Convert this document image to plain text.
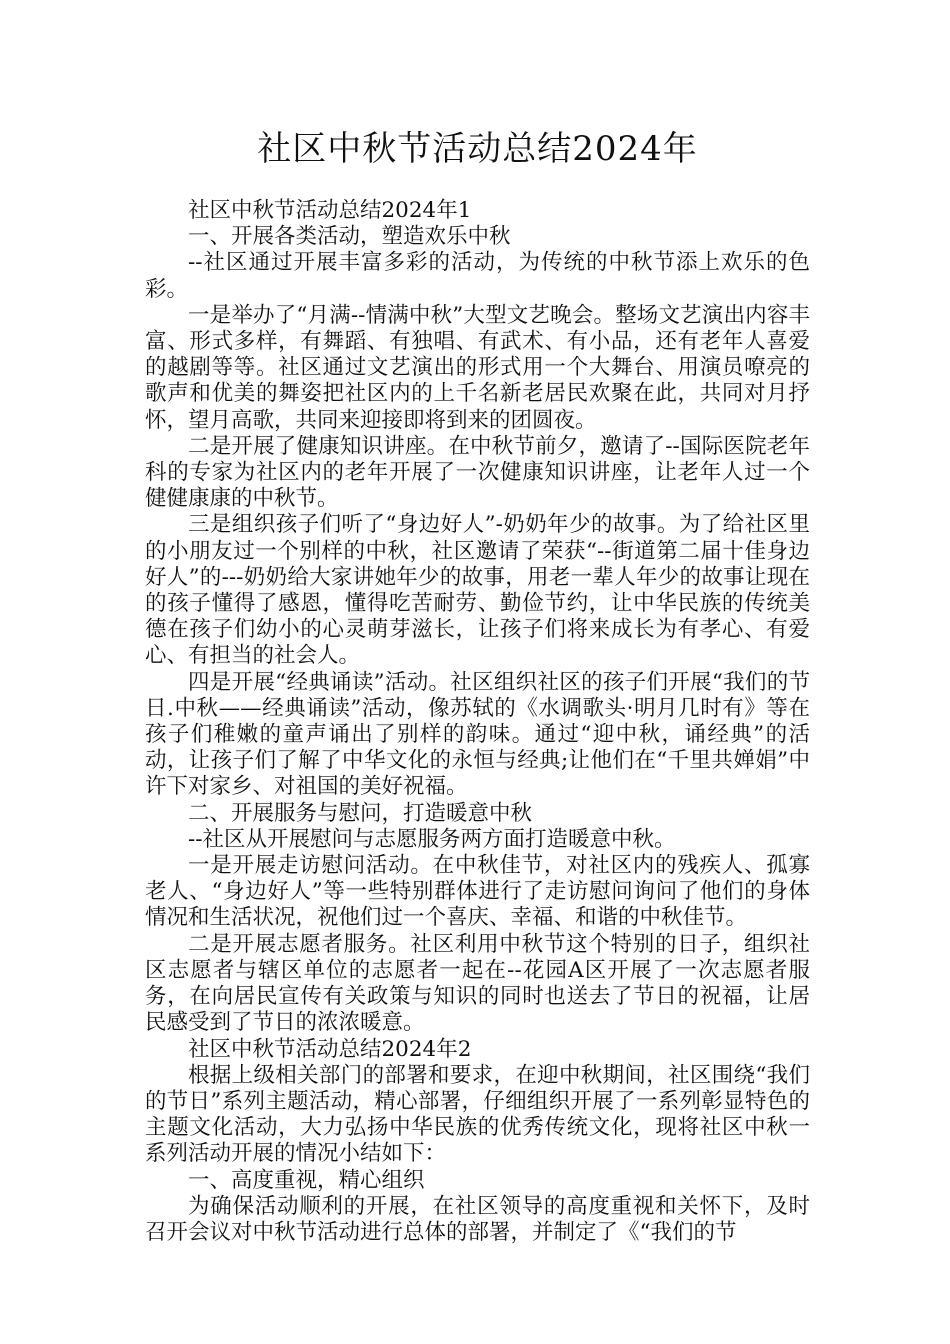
社区中秋节活动总结2024年

社区中秋节活动总结2024年1

一、开展各类活动，塑造欢乐中秋

--社区通过开展丰富多彩的活动，为传统的中秋节添上欢乐的色彩。

一是举办了“月满--情满中秋”大型文艺晚会。整场文艺演出内容丰富、形式多样，有舞蹈、有独唱、有武术、有小品，还有老年人喜爱的越剧等等。社区通过文艺演出的形式用一个大舞台、用演员嘹亮的歌声和优美的舞姿把社区内的上千名新老居民欢聚在此，共同对月抒怀，望月高歌，共同来迎接即将到来的团圆夜。

二是开展了健康知识讲座。在中秋节前夕，邀请了--国际医院老年科的专家为社区内的老年开展了一次健康知识讲座，让老年人过一个健健康康的中秋节。

三是组织孩子们听了“身边好人”-奶奶年少的故事。为了给社区里的小朋友过一个别样的中秋，社区邀请了荣获“--街道第二届十佳身边好人”的---奶奶给大家讲她年少的故事，用老一辈人年少的故事让现在的孩子懂得了感恩，懂得吃苦耐劳、勤俭节约，让中华民族的传统美德在孩子们幼小的心灵萌芽滋长，让孩子们将来成长为有孝心、有爱心、有担当的社会人。

四是开展“经典诵读”活动。社区组织社区的孩子们开展“我们的节日.中秋——经典诵读”活动，像苏轼的《水调歌头·明月几时有》等在孩子们稚嫩的童声诵出了别样的韵味。通过“迎中秋，诵经典”的活动，让孩子们了解了中华文化的永恒与经典;让他们在“千里共婵娟”中许下对家乡、对祖国的美好祝福。

二、开展服务与慰问，打造暖意中秋

--社区从开展慰问与志愿服务两方面打造暖意中秋。

一是开展走访慰问活动。在中秋佳节，对社区内的残疾人、孤寡老人、“身边好人”等一些特别群体进行了走访慰问询问了他们的身体情况和生活状况，祝他们过一个喜庆、幸福、和谐的中秋佳节。

二是开展志愿者服务。社区利用中秋节这个特别的日子，组织社区志愿者与辖区单位的志愿者一起在--花园A区开展了一次志愿者服务，在向居民宣传有关政策与知识的同时也送去了节日的祝福，让居民感受到了节日的浓浓暖意。

社区中秋节活动总结2024年2

根据上级相关部门的部署和要求，在迎中秋期间，社区围绕“我们的节日”系列主题活动，精心部署，仔细组织开展了一系列彰显特色的主题文化活动，大力弘扬中华民族的优秀传统文化，现将社区中秋一系列活动开展的情况小结如下：

一、高度重视，精心组织

为确保活动顺利的开展，在社区领导的高度重视和关怀下，及时召开会议对中秋节活动进行总体的部署，并制定了《“我们的节
